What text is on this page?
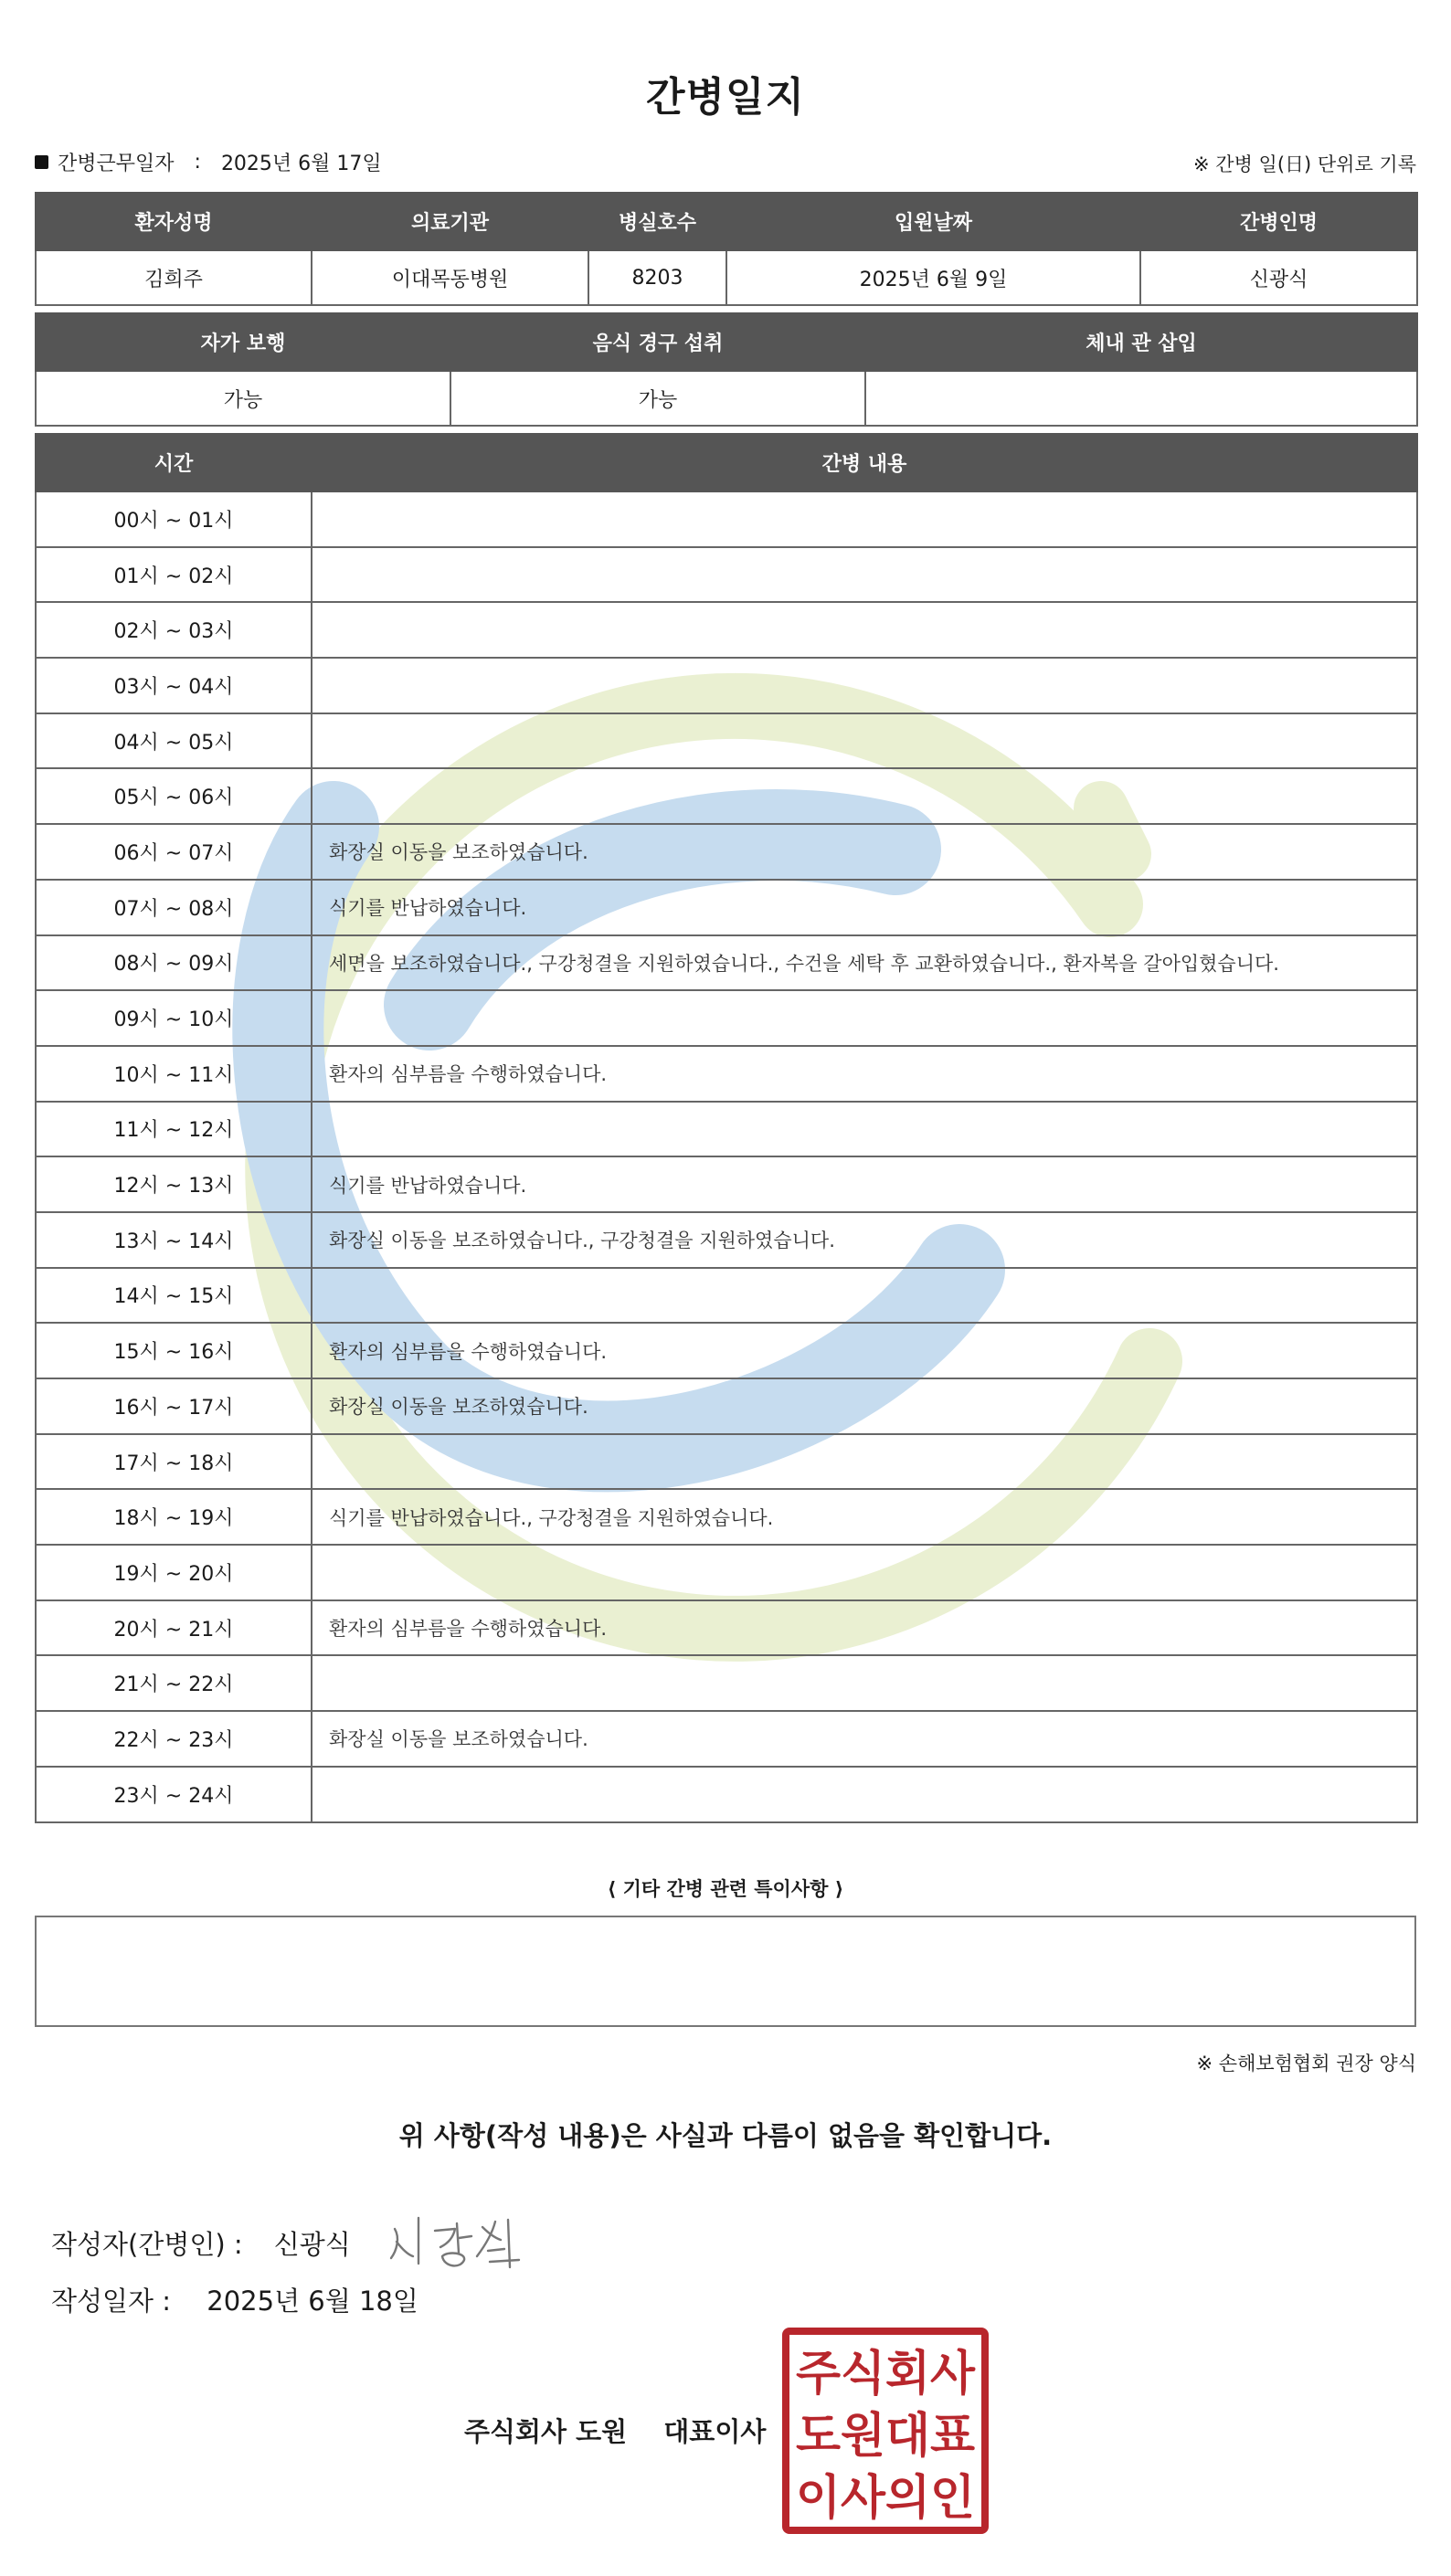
간병일지
간병근무일자 : 2025년 6월 17일	※ 간병 일(日) 단위로 기록
환자성명	의료기관	병실호수	입원날짜	간병인명
김희주	이대목동병원	8203	2025년 6월 9일	신광식
자가 보행	음식 경구 섭취	체내 관 삽입
가능	가능	
시간	간병 내용
00시 ~ 01시	
01시 ~ 02시	
02시 ~ 03시	
03시 ~ 04시	
04시 ~ 05시	
05시 ~ 06시	
06시 ~ 07시	화장실 이동을 보조하였습니다.
07시 ~ 08시	식기를 반납하였습니다.
08시 ~ 09시	세면을 보조하였습니다., 구강청결을 지원하였습니다., 수건을 세탁 후 교환하였습니다., 환자복을 갈아입혔습니다.
09시 ~ 10시	
10시 ~ 11시	환자의 심부름을 수행하였습니다.
11시 ~ 12시	
12시 ~ 13시	식기를 반납하였습니다.
13시 ~ 14시	화장실 이동을 보조하였습니다., 구강청결을 지원하였습니다.
14시 ~ 15시	
15시 ~ 16시	환자의 심부름을 수행하였습니다.
16시 ~ 17시	화장실 이동을 보조하였습니다.
17시 ~ 18시	
18시 ~ 19시	식기를 반납하였습니다., 구강청결을 지원하였습니다.
19시 ~ 20시	
20시 ~ 21시	환자의 심부름을 수행하였습니다.
21시 ~ 22시	
22시 ~ 23시	화장실 이동을 보조하였습니다.
23시 ~ 24시	
⟨ 기타 간병 관련 특이사항 ⟩
※ 손해보험협회 권장 양식
위 사항(작성 내용)은 사실과 다름이 없음을 확인합니다.
작성자(간병인) : 신광식
작성일자 : 2025년 6월 18일
주식회사 도원 대표이사
주식회사
도원대표
이사의인
